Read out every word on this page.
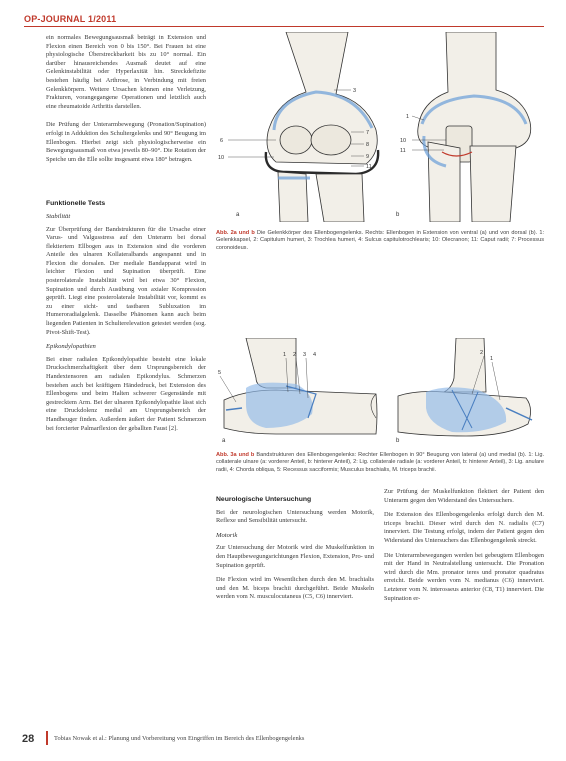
OP-JOURNAL 1/2011

ein normales Bewegungsausmaß beträgt in Extension und Flexion einen Bereich von 0 bis 150°. Bei Frauen ist eine physiologische Überstreckbarkeit bis zu 10° normal. Ein darüber hinausreichendes Ausmaß deutet auf eine Gelenkinstabilität oder Hyperlaxität hin. Streckdefizite bestehen häufig bei Arthrose, in Verbindung mit freien Gelenkkörpern. Weitere Ursachen können eine Verletzung, Frakturen, vorangegangene Operationen und letztlich auch eine rheumatoide Arthritis darstellen.

Die Prüfung der Unterarmbewegung (Pronation/Supination) erfolgt in Adduktion des Schultergelenks und 90° Beugung im Ellenbogen. Hierbei zeigt sich physiologischerweise ein Bewegungsausmaß von etwa jeweils 80–90°. Die Rotation der Speiche um die Elle sollte insgesamt etwa 180° betragen.

Funktionelle Tests
Stabilität

Zur Überprüfung der Bandstrukturen für die Ursache einer Varus- und Valgusstress auf den Unterarm bei dorsal flektiertem Ellbogen aus in Extension sind die vorderen Anteile des ulnaren Kollateralbands angespannt und in Flexion die dorsalen. Der mediale Bandapparat wird in leichter Flexion und Supination überprüft. Eine posterolaterale Instabilität wird bei etwa 30° Flexion, Supination und durch Ausübung von axialer Kompression geprüft. Liegt eine posterolaterale Instabilität vor, kommt es zu einer sicht- und tastbaren Subluxation im Humeroradialgelenk. Dasselbe Phänomen kann auch beim liegenden Patienten in Schulterelevation getestet werden (sog. Pivot-Shift-Test).

Epikondylopathien

Bei einer radialen Epikondylopathie besteht eine lokale Druckschmerzhaftigkeit über dem Ursprungsbereich der Handextensoren am radialen Epikondylus. Schmerzen bestehen auch bei kräftigem Händedruck, bei Extension des Ellenbogens und beim Halten schwerer Gegenstände mit gestrecktem Arm. Bei der ulnaren Epikondylopathie lässt sich eine Druckdolenz medial am Ursprungsbereich der Handbeuger finden. Außerdem äußert der Patient Schmerzen bei forcierter Palmarflexion der geballten Faust [2].

3
6
10
7
8
9
11
a
1
10
11
b
Abb. 2a und b Die Gelenkkörper des Ellenbogengelenks. Rechts: Ellenbogen in Extension von ventral (a) und von dorsal (b). 1: Gelenkkapsel, 2: Capitulum humeri, 3: Trochlea humeri, 4: Sulcus capitulotrochlearis; 10: Olecranon; 11: Caput radii; 7: Processus coronoideus.
1 2 3 4
5
a
2
1
b
Abb. 3a und b Bandstrukturen des Ellenbogengelenks: Rechter Ellenbogen in 90° Beugung von lateral (a) und medial (b). 1: Lig. collaterale ulnare (a: vorderer Anteil, b: hinterer Anteil), 2: Lig. collaterale radiale (a: vorderer Anteil, b: hinterer Anteil), 3: Lig. anulare radii, 4: Chorda obliqua, 5: Recessus sacciformis; Musculus brachialis, M. triceps brachii.
Neurologische Untersuchung

Bei der neurologischen Untersuchung werden Motorik, Reflexe und Sensibilität untersucht.

Motorik

Zur Untersuchung der Motorik wird die Muskelfunktion in den Hauptbewegungsrichtungen Flexion, Extension, Pro- und Supination geprüft.

Die Flexion wird im Wesentlichen durch den M. brachialis und den M. biceps brachii durchgeführt. Beide Muskeln werden vom N. musculocutaneus (C5, C6) innerviert.

Zur Prüfung der Muskelfunktion flektiert der Patient den Unterarm gegen den Widerstand des Untersuchers.

Die Extension des Ellenbogengelenks erfolgt durch den M. triceps brachii. Dieser wird durch den N. radialis (C7) innerviert. Die Testung erfolgt, indem der Patient gegen den Widerstand des Untersuchers das Ellenbogengelenk streckt.

Die Unterarmbewegungen werden bei gebeugtem Ellenbogen mit der Hand in Neutralstellung untersucht. Die Pronation wird durch die Mm. pronator teres und pronator quadratus erreicht. Beide werden vom N. medianus (C6) innerviert. Letzterer vom N. interosseus anterior (C8, T1) innerviert. Die Supination er-

28	Tobias Nowak et al.: Planung und Vorbereitung von Eingriffen im Bereich des Ellenbogengelenks
